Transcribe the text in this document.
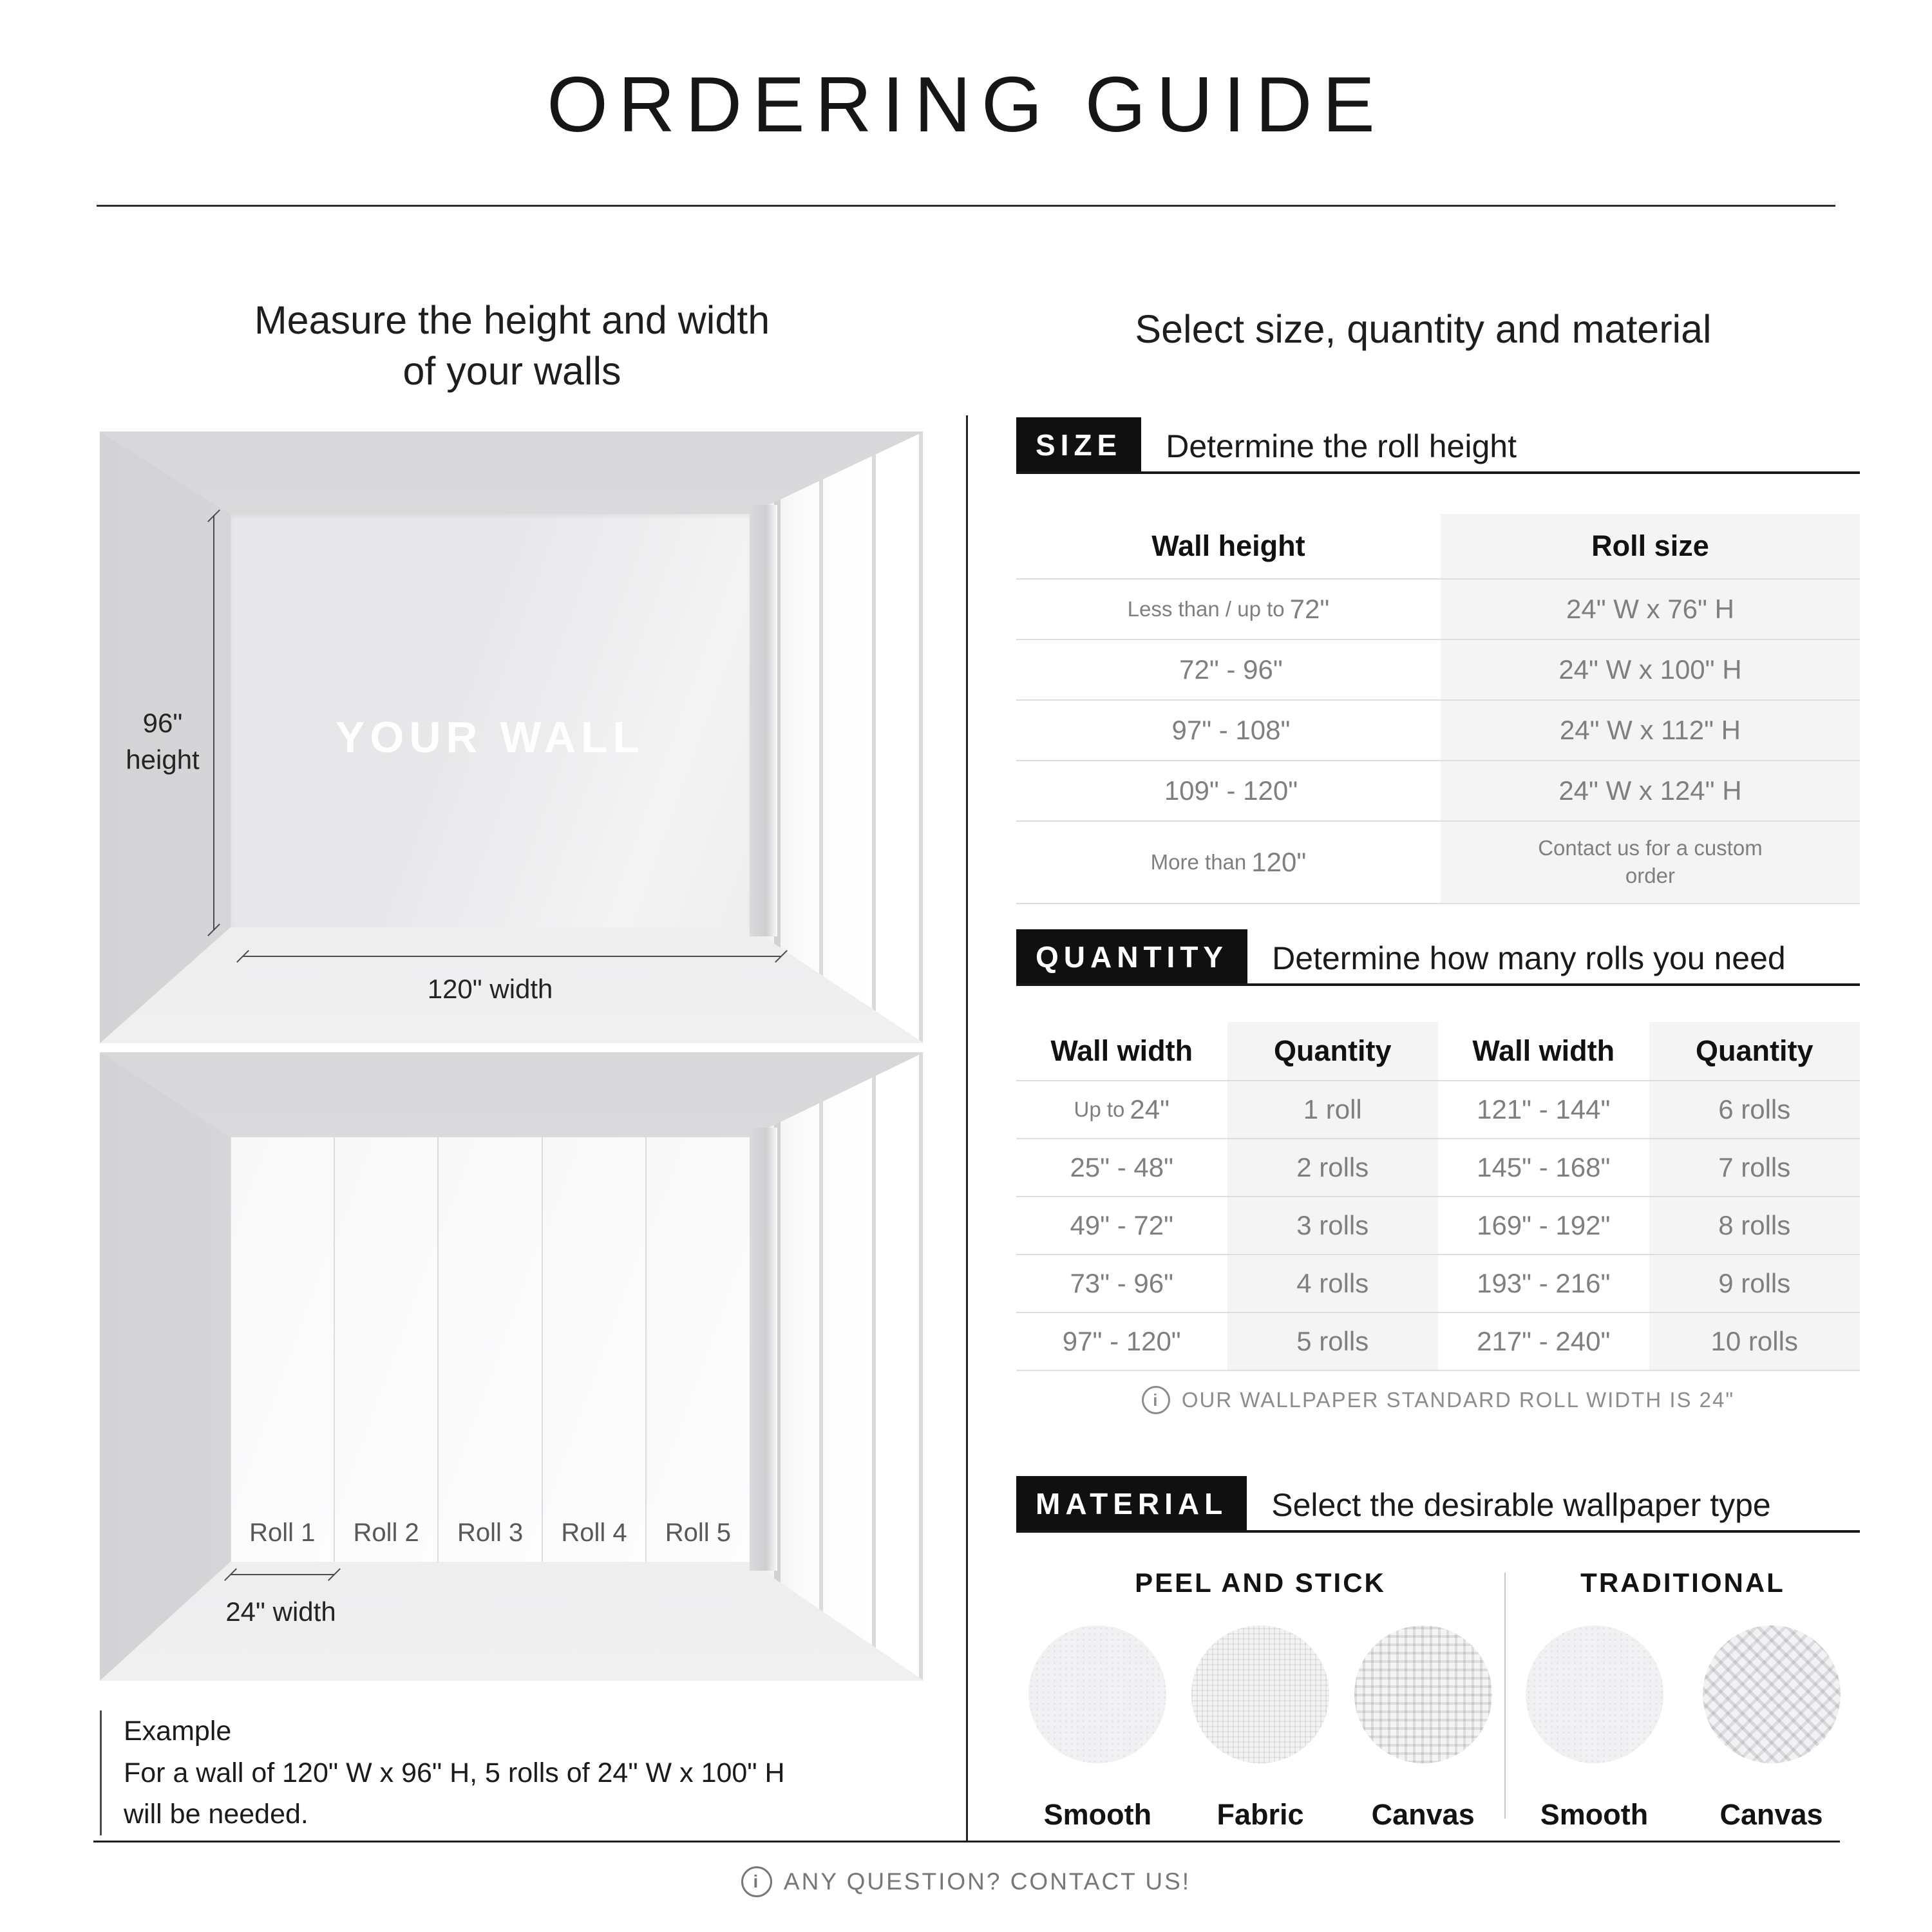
ORDERING GUIDE
Measure the height and width
of your walls
96"
height	YOUR WALL
120" width
Roll 1	Roll 2	Roll 3	Roll 4	Roll 5
24" width
Example
For a wall of 120" W x 96" H, 5 rolls of 24" W x 100" H
will be needed.
Select size, quantity and material
SIZE	Determine the roll height
Wall height	Roll size
Less than / up to 72"	24" W x 76" H
72" - 96"	24" W x 100" H
97" - 108"	24" W x 112" H
109" - 120"	24" W x 124" H
More than 120"	Contact us for a custom order
QUANTITY	Determine how many rolls you need
Wall width	Quantity	Wall width	Quantity
Up to 24"	1 roll	121" - 144"	6 rolls
25" - 48"	2 rolls	145" - 168"	7 rolls
49" - 72"	3 rolls	169" - 192"	8 rolls
73" - 96"	4 rolls	193" - 216"	9 rolls
97" - 120"	5 rolls	217" - 240"	10 rolls
i	OUR WALLPAPER STANDARD ROLL WIDTH IS 24"
MATERIAL	Select the desirable wallpaper type
PEEL AND STICK
Smooth Fabric Canvas
TRADITIONAL
Smooth Canvas
i ANY QUESTION? CONTACT US!
